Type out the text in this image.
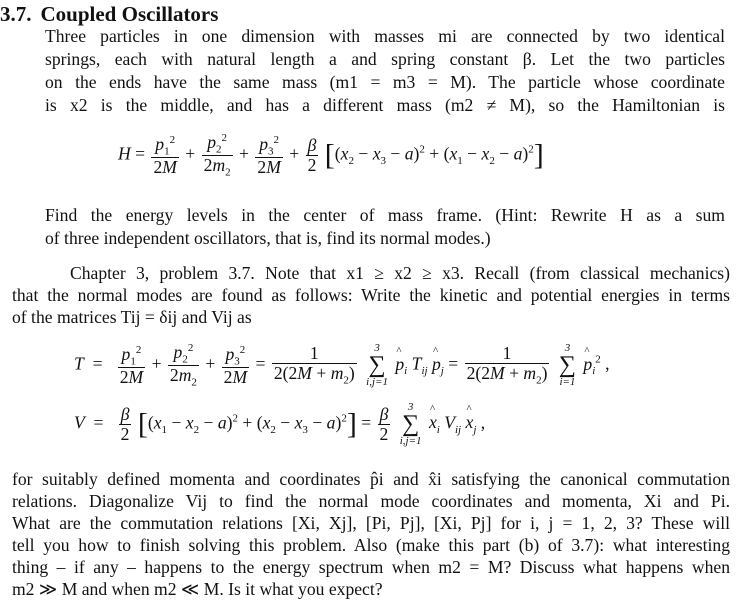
3.7. Coupled Oscillators
Three particles in one dimension with masses mi are connected by two identical
springs, each with natural length a and spring constant β. Let the two particles
on the ends have the same mass (m1 = m3 = M). The particle whose coordinate
is x2 is the middle, and has a different mass (m2 ≠ M), so the Hamiltonian is
$H = \frac{p_1^2}{2M} + \frac{p_2^2}{2m_2} + \frac{p_3^2}{2M} + \frac{\beta}{2} [(x_2 - x_3 - a)^2 + (x_1 - x_2 - a)^2]$
Find the energy levels in the center of mass frame. (Hint: Rewrite H as a sum
of three independent oscillators, that is, find its normal modes.)
Chapter 3, problem 3.7. Note that x1 ≥ x2 ≥ x3. Recall (from classical mechanics)
that the normal modes are found as follows: Write the kinetic and potential energies in terms
of the matrices Tij = δij and Vij as
$T = \frac{p_1^2}{2M} + \frac{p_2^2}{2m_2} + \frac{p_3^2}{2M} = \frac{1}{2(2M + m_2)}$
	3
∑
i,j=1
p $\^{}_i$ $T_{ij}$ p $\^{}_j = \frac{1}{2(2M + m_2)}$
	3
∑
i=1
p $\^{}_i^2$ ,
$V = \frac{\beta}{2} [(x_1 - x_2 - a)^2 + (x_2 - x_3 - a)^2] = \frac{\beta}{2}$
	3
∑
i,j=1
x $\^{}_i$ $V_{ij}$ x $\^{}_j$ ,
for suitably defined momenta and coordinates p̂i and x̂i satisfying the canonical commutation
relations. Diagonalize Vij to find the normal mode coordinates and momenta, Xi and Pi.
What are the commutation relations [Xi, Xj], [Pi, Pj], [Xi, Pj] for i, j = 1, 2, 3? These will
tell you how to finish solving this problem. Also (make this part (b) of 3.7): what interesting
thing – if any – happens to the energy spectrum when m2 = M? Discuss what happens when
m2 ≫ M and when m2 ≪ M. Is it what you expect?
